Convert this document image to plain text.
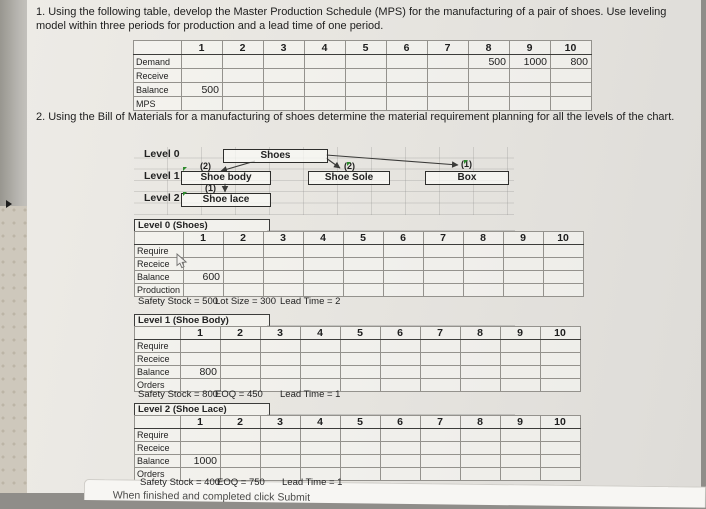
1. Using the following table, develop the Master Production Schedule (MPS) for the manufacturing of a pair of shoes. Use leveling model within three periods for production and a lead time of one period.
	1	2	3	4	5	6	7	8	9	10
Demand								500	1000	800
Receive										
Balance	500									
MPS										
2. Using the Bill of Materials for a manufacturing of shoes determine the material requirement planning for all the levels of the chart.
Level 0
Level 1
Level 2
Shoes
Shoe body	Shoe Sole	Box
Shoe lace
(2)	(2)	(1)
(1)
Level 0 (Shoes)
	1	2	3	4	5	6	7	8	9	10
Require										
Receice										
Balance	600									
Production										
Safety Stock = 500
Lot Size = 300 Lead Time = 2
Level 1 (Shoe Body)
	1	2	3	4	5	6	7	8	9	10
Require										
Receice										
Balance	800									
Orders										
Safety Stock = 800
EOQ = 450 Lead Time = 1
Level 2 (Shoe Lace)
	1	2	3	4	5	6	7	8	9	10
Require										
Receice										
Balance	1000									
Orders										
Safety Stock = 400
EOQ = 750 Lead Time = 1
When finished and completed click Submit
